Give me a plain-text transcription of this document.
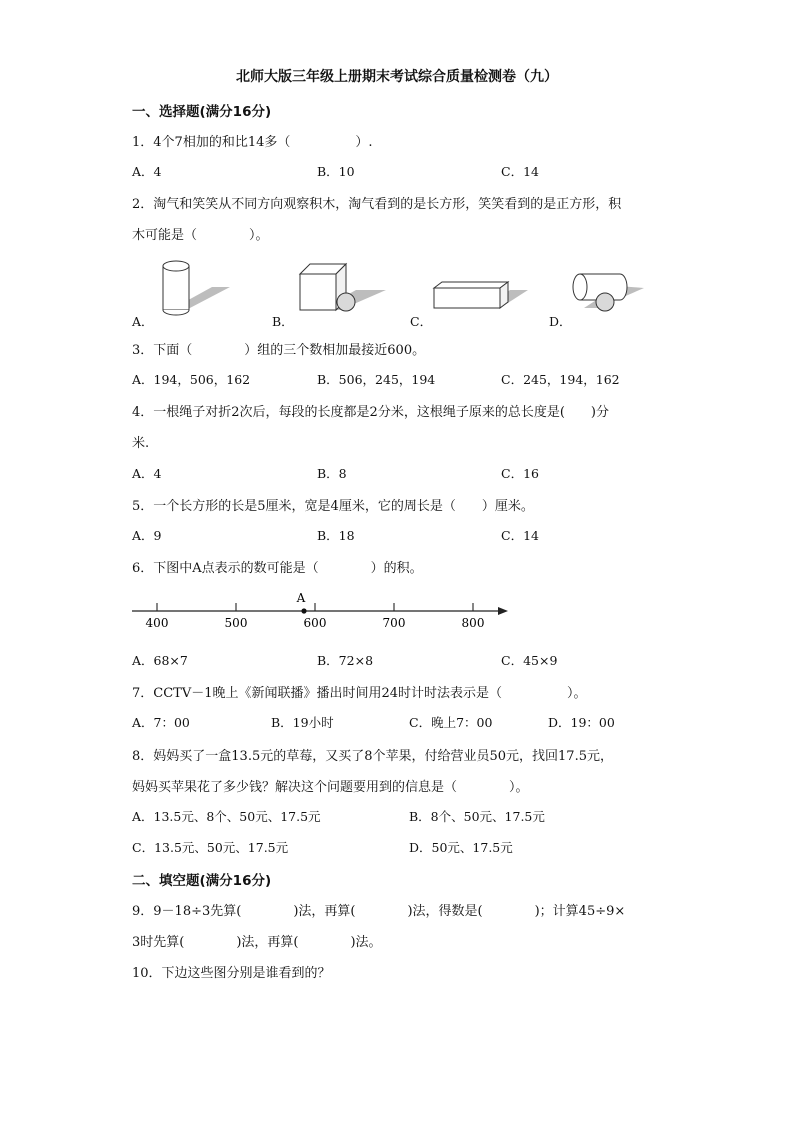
北师大版三年级上册期末考试综合质量检测卷（九）
一、选择题(满分16分)
1．4个7相加的和比14多（　　　　　）.
A．4	B．10	C．14
2．淘气和笑笑从不同方向观察积木，淘气看到的是长方形，笑笑看到的是正方形，积
木可能是（　　　　）。
A．	B．	C．	D．
3．下面（　　　　）组的三个数相加最接近600。
A．194，506，162	B．506，245，194	C．245，194，162
4．一根绳子对折2次后，每段的长度都是2分米，这根绳子原来的总长度是(　　)分
米.
A．4	B．8	C．16
5．一个长方形的长是5厘米，宽是4厘米，它的周长是（　　）厘米。
A．9	B．18	C．14
6．下图中A点表示的数可能是（　　　　）的积。
A
400	500	600	700	800
A．68×7	B．72×8	C．45×9
7．CCTV－1晚上《新闻联播》播出时间用24时计时法表示是（　　　　　）。
A．7：00	B．19小时	C．晚上7：00	D．19：00
8．妈妈买了一盒13.5元的草莓，又买了8个苹果，付给营业员50元，找回17.5元，
妈妈买苹果花了多少钱？解决这个问题要用到的信息是（　　　　）。
A．13.5元、8个、50元、17.5元	B．8个、50元、17.5元
C．13.5元、50元、17.5元	D．50元、17.5元
二、填空题(满分16分)
9．9－18÷3先算(　　　　)法，再算(　　　　)法，得数是(　　　　)；计算45÷9×
3时先算(　　　　)法，再算(　　　　)法。
10．下边这些图分别是谁看到的？
